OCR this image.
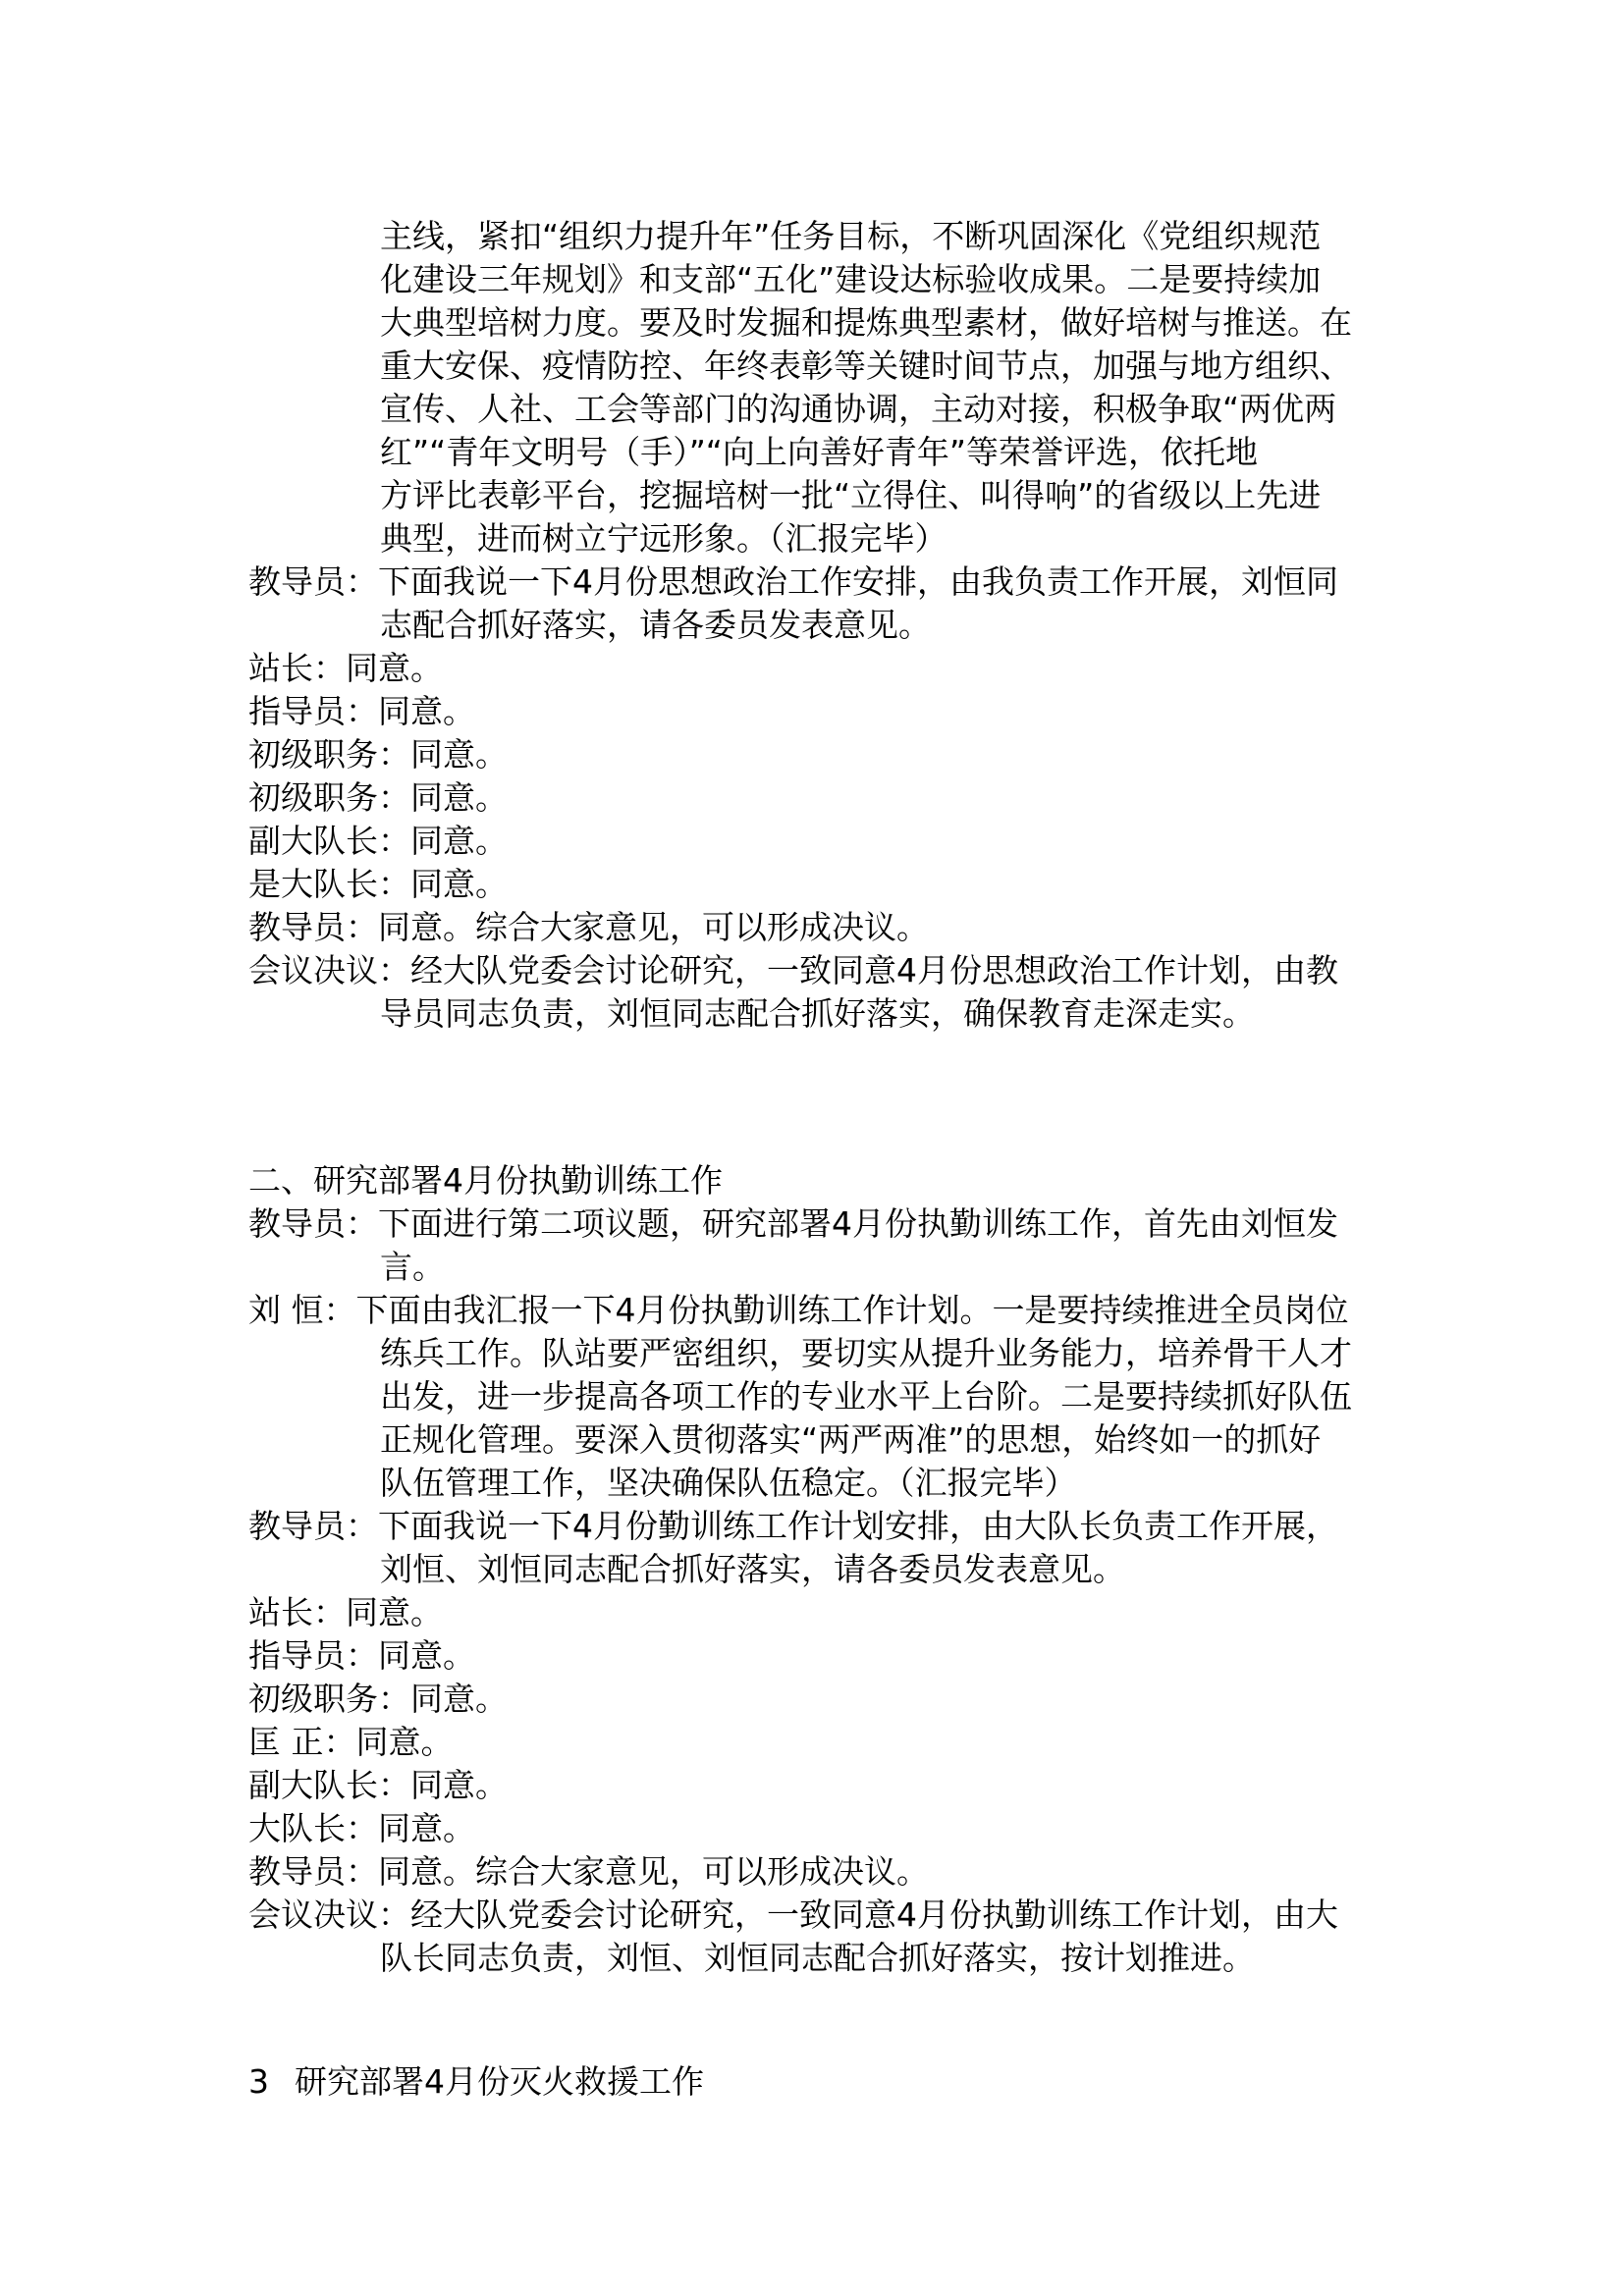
主线，紧扣“组织力提升年”任务目标，不断巩固深化《党组织规范
化建设三年规划》和支部“五化”建设达标验收成果。二是要持续加
大典型培树力度。要及时发掘和提炼典型素材，做好培树与推送。在
重大安保、疫情防控、年终表彰等关键时间节点，加强与地方组织、
宣传、人社、工会等部门的沟通协调，主动对接，积极争取“两优两
红”“青年文明号（手）”“向上向善好青年”等荣誉评选，依托地
方评比表彰平台，挖掘培树一批“立得住、叫得响”的省级以上先进
典型，进而树立宁远形象。（汇报完毕）
教导员：下面我说一下4月份思想政治工作安排，由我负责工作开展，刘恒同
志配合抓好落实，请各委员发表意见。
站长：同意。
指导员：同意。
初级职务：同意。
初级职务：同意。
副大队长：同意。
是大队长：同意。
教导员：同意。综合大家意见，可以形成决议。
会议决议：经大队党委会讨论研究，一致同意4月份思想政治工作计划，由教
导员同志负责，刘恒同志配合抓好落实，确保教育走深走实。
二、研究部署4月份执勤训练工作
教导员：下面进行第二项议题，研究部署4月份执勤训练工作，首先由刘恒发
言。
刘 恒：下面由我汇报一下4月份执勤训练工作计划。一是要持续推进全员岗位
练兵工作。队站要严密组织，要切实从提升业务能力，培养骨干人才
出发，进一步提高各项工作的专业水平上台阶。二是要持续抓好队伍
正规化管理。要深入贯彻落实“两严两准”的思想，始终如一的抓好
队伍管理工作，坚决确保队伍稳定。（汇报完毕）
教导员：下面我说一下4月份勤训练工作计划安排，由大队长负责工作开展，
刘恒、刘恒同志配合抓好落实，请各委员发表意见。
站长：同意。
指导员：同意。
初级职务：同意。
匡 正：同意。
副大队长：同意。
大队长：同意。
教导员：同意。综合大家意见，可以形成决议。
会议决议：经大队党委会讨论研究，一致同意4月份执勤训练工作计划，由大
队长同志负责，刘恒、刘恒同志配合抓好落实，按计划推进。
3 研究部署4月份灭火救援工作
